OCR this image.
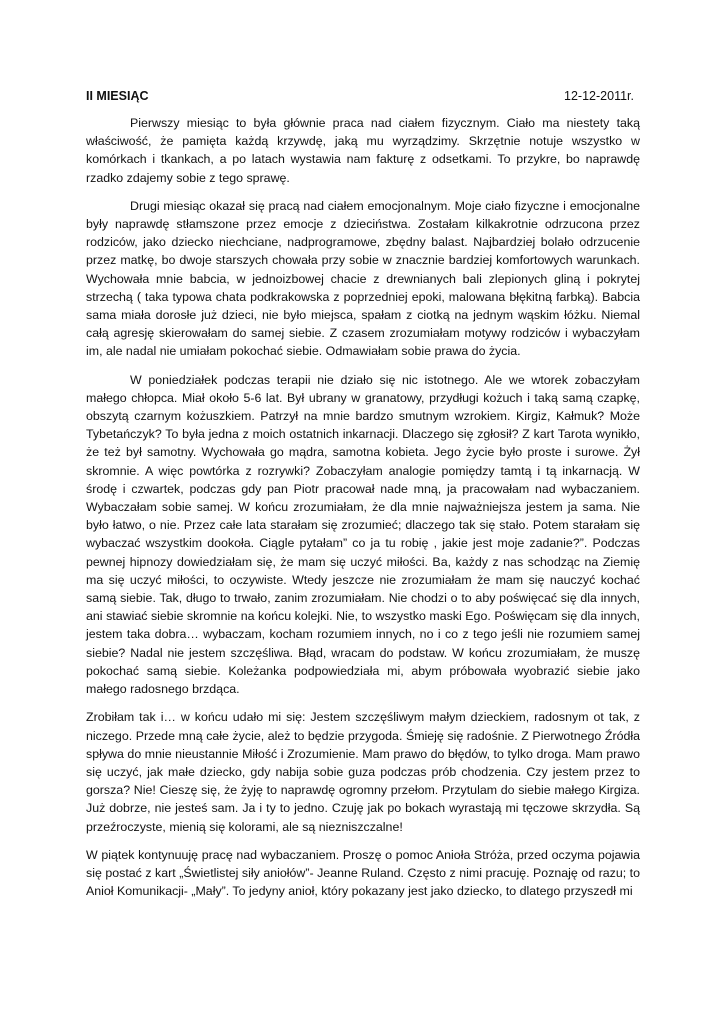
II MIESIĄC	12-12-2011r.

Pierwszy miesiąc to była głównie praca nad ciałem fizycznym. Ciało ma niestety taką właściwość, że pamięta każdą krzywdę, jaką mu wyrządzimy. Skrzętnie notuje wszystko w komórkach i tkankach, a po latach wystawia nam fakturę z odsetkami. To przykre, bo naprawdę rzadko zdajemy sobie z tego sprawę.

Drugi miesiąc okazał się pracą nad ciałem emocjonalnym. Moje ciało fizyczne i emocjonalne były naprawdę stłamszone przez emocje z dzieciństwa. Zostałam kilkakrotnie odrzucona przez rodziców, jako dziecko niechciane, nadprogramowe, zbędny balast. Najbardziej bolało odrzucenie przez matkę, bo dwoje starszych chowała przy sobie w znacznie bardziej komfortowych warunkach. Wychowała mnie babcia, w jednoizbowej chacie z drewnianych bali zlepionych gliną i pokrytej strzechą ( taka typowa chata podkrakowska z poprzedniej epoki, malowana błękitną farbką). Babcia sama miała dorosłe już dzieci, nie było miejsca, spałam z ciotką na jednym wąskim łóżku. Niemal całą agresję skierowałam do samej siebie. Z czasem zrozumiałam motywy rodziców i wybaczyłam im, ale nadal nie umiałam pokochać siebie. Odmawiałam sobie prawa do życia.

W poniedziałek podczas terapii nie działo się nic istotnego. Ale we wtorek zobaczyłam małego chłopca. Miał około 5-6 lat. Był ubrany w granatowy, przydługi kożuch i taką samą czapkę, obszytą czarnym kożuszkiem. Patrzył na mnie bardzo smutnym wzrokiem. Kirgiz, Kałmuk? Może Tybetańczyk? To była jedna z moich ostatnich inkarnacji. Dlaczego się zgłosił? Z kart Tarota wynikło, że też był samotny. Wychowała go mądra, samotna kobieta. Jego życie było proste i surowe. Żył skromnie. A więc powtórka z rozrywki? Zobaczyłam analogie pomiędzy tamtą i tą inkarnacją. W środę i czwartek, podczas gdy pan Piotr pracował nade mną, ja pracowałam nad wybaczaniem. Wybaczałam sobie samej. W końcu zrozumiałam, że dla mnie najważniejsza jestem ja sama. Nie było łatwo, o nie. Przez całe lata starałam się zrozumieć; dlaczego tak się stało. Potem starałam się wybaczać wszystkim dookoła. Ciągle pytałam” co ja tu robię , jakie jest moje zadanie?”. Podczas pewnej hipnozy dowiedziałam się, że mam się uczyć miłości. Ba, każdy z nas schodząc na Ziemię ma się uczyć miłości, to oczywiste. Wtedy jeszcze nie zrozumiałam że mam się nauczyć kochać samą siebie. Tak, długo to trwało, zanim zrozumiałam. Nie chodzi o to aby poświęcać się dla innych, ani stawiać siebie skromnie na końcu kolejki. Nie, to wszystko maski Ego. Poświęcam się dla innych, jestem taka dobra… wybaczam, kocham rozumiem innych, no i co z tego jeśli nie rozumiem samej siebie? Nadal nie jestem szczęśliwa. Błąd, wracam do podstaw. W końcu zrozumiałam, że muszę pokochać samą siebie. Koleżanka podpowiedziała mi, abym próbowała wyobrazić siebie jako małego radosnego brzdąca.

Zrobiłam tak i… w końcu udało mi się: Jestem szczęśliwym małym dzieckiem, radosnym ot tak, z niczego. Przede mną całe życie, ależ to będzie przygoda. Śmieję się radośnie. Z Pierwotnego Źródła spływa do mnie nieustannie Miłość i Zrozumienie. Mam prawo do błędów, to tylko droga. Mam prawo się uczyć, jak małe dziecko, gdy nabija sobie guza podczas prób chodzenia. Czy jestem przez to gorsza? Nie! Cieszę się, że żyję to naprawdę ogromny przełom. Przytulam do siebie małego Kirgiza. Już dobrze, nie jesteś sam. Ja i ty to jedno. Czuję jak po bokach wyrastają mi tęczowe skrzydła. Są przeźroczyste, mienią się kolorami, ale są niezniszczalne!

W piątek kontynuuję pracę nad wybaczaniem. Proszę o pomoc Anioła Stróża, przed oczyma pojawia się postać z kart „Świetlistej siły aniołów”- Jeanne Ruland. Często z nimi pracuję. Poznaję od razu; to Anioł Komunikacji- „Mały”. To jedyny anioł, który pokazany jest jako dziecko, to dlatego przyszedł mi
